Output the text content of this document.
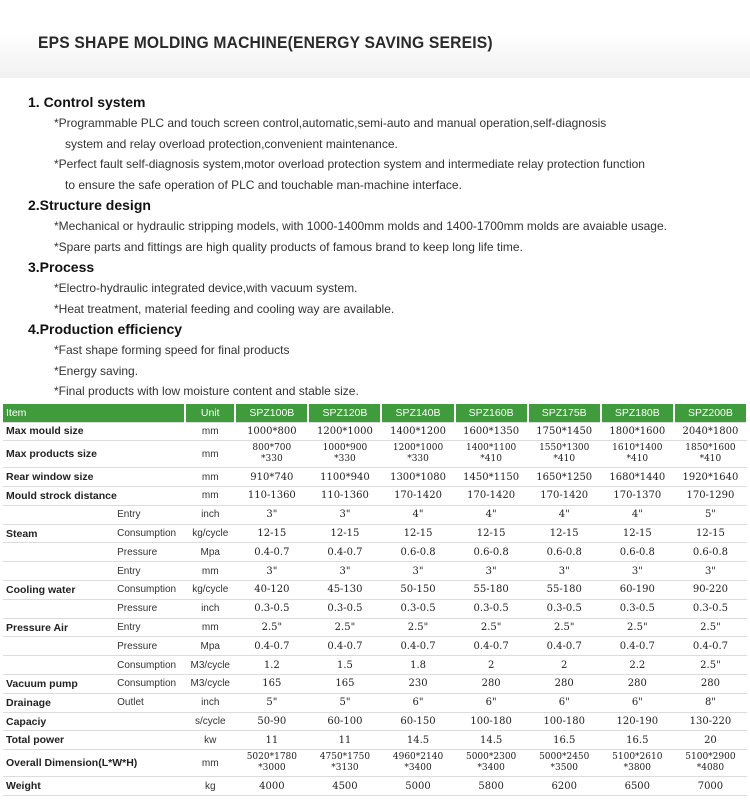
EPS SHAPE MOLDING MACHINE(ENERGY SAVING SEREIS)
1. Control system
*Programmable PLC and touch screen control,automatic,semi-auto and manual operation,self-diagnosis
system and relay overload protection,convenient maintenance.
*Perfect fault self-diagnosis system,motor overload protection system and intermediate relay protection function
to ensure the safe operation of PLC and touchable man-machine interface.
2.Structure design
*Mechanical or hydraulic stripping models, with 1000-1400mm molds and 1400-1700mm molds are avaiable usage.
*Spare parts and fittings are high quality products of famous brand to keep long life time.
3.Process
*Electro-hydraulic integrated device,with vacuum system.
*Heat treatment, material feeding and cooling way are available.
4.Production efficiency
*Fast shape forming speed for final products
*Energy saving.
*Final products with low moisture content and stable size.
Item		Unit	SPZ100B	SPZ120B	SPZ140B	SPZ160B	SPZ175B	SPZ180B	SPZ200B
Max mould size		mm	1000*800	1200*1000	1400*1200	1600*1350	1750*1450	1800*1600	2040*1800
Max products size		mm	800*700 *330	1000*900 *330	1200*1000 *330	1400*1100 *410	1550*1300 *410	1610*1400 *410	1850*1600 *410
Rear window size		mm	910*740	1100*940	1300*1080	1450*1150	1650*1250	1680*1440	1920*1640
Mould strock distance		mm	110-1360	110-1360	170-1420	170-1420	170-1420	170-1370	170-1290
	Entry	inch	3"	3"	4"	4"	4"	4"	5"
Steam	Consumption	kg/cycle	12-15	12-15	12-15	12-15	12-15	12-15	12-15
	Pressure	Mpa	0.4-0.7	0.4-0.7	0.6-0.8	0.6-0.8	0.6-0.8	0.6-0.8	0.6-0.8
	Entry	mm	3"	3"	3"	3"	3"	3"	3"
Cooling water	Consumption	kg/cycle	40-120	45-130	50-150	55-180	55-180	60-190	90-220
	Pressure	inch	0.3-0.5	0.3-0.5	0.3-0.5	0.3-0.5	0.3-0.5	0.3-0.5	0.3-0.5
Pressure Air	Entry	mm	2.5"	2.5"	2.5"	2.5"	2.5"	2.5"	2.5"
	Pressure	Mpa	0.4-0.7	0.4-0.7	0.4-0.7	0.4-0.7	0.4-0.7	0.4-0.7	0.4-0.7
	Consumption	M3/cycle	1.2	1.5	1.8	2	2	2.2	2.5"
Vacuum pump	Consumption	M3/cycle	165	165	230	280	280	280	280
Drainage	Outlet	inch	5"	5"	6"	6"	6"	6"	8"
Capaciy		s/cycle	50-90	60-100	60-150	100-180	100-180	120-190	130-220
Total power		kw	11	11	14.5	14.5	16.5	16.5	20
Overall Dimension(L*W*H)		mm	5020*1780 *3000	4750*1750 *3130	4960*2140 *3400	5000*2300 *3400	5000*2450 *3500	5100*2610 *3800	5100*2900 *4080
Weight		kg	4000	4500	5000	5800	6200	6500	7000
